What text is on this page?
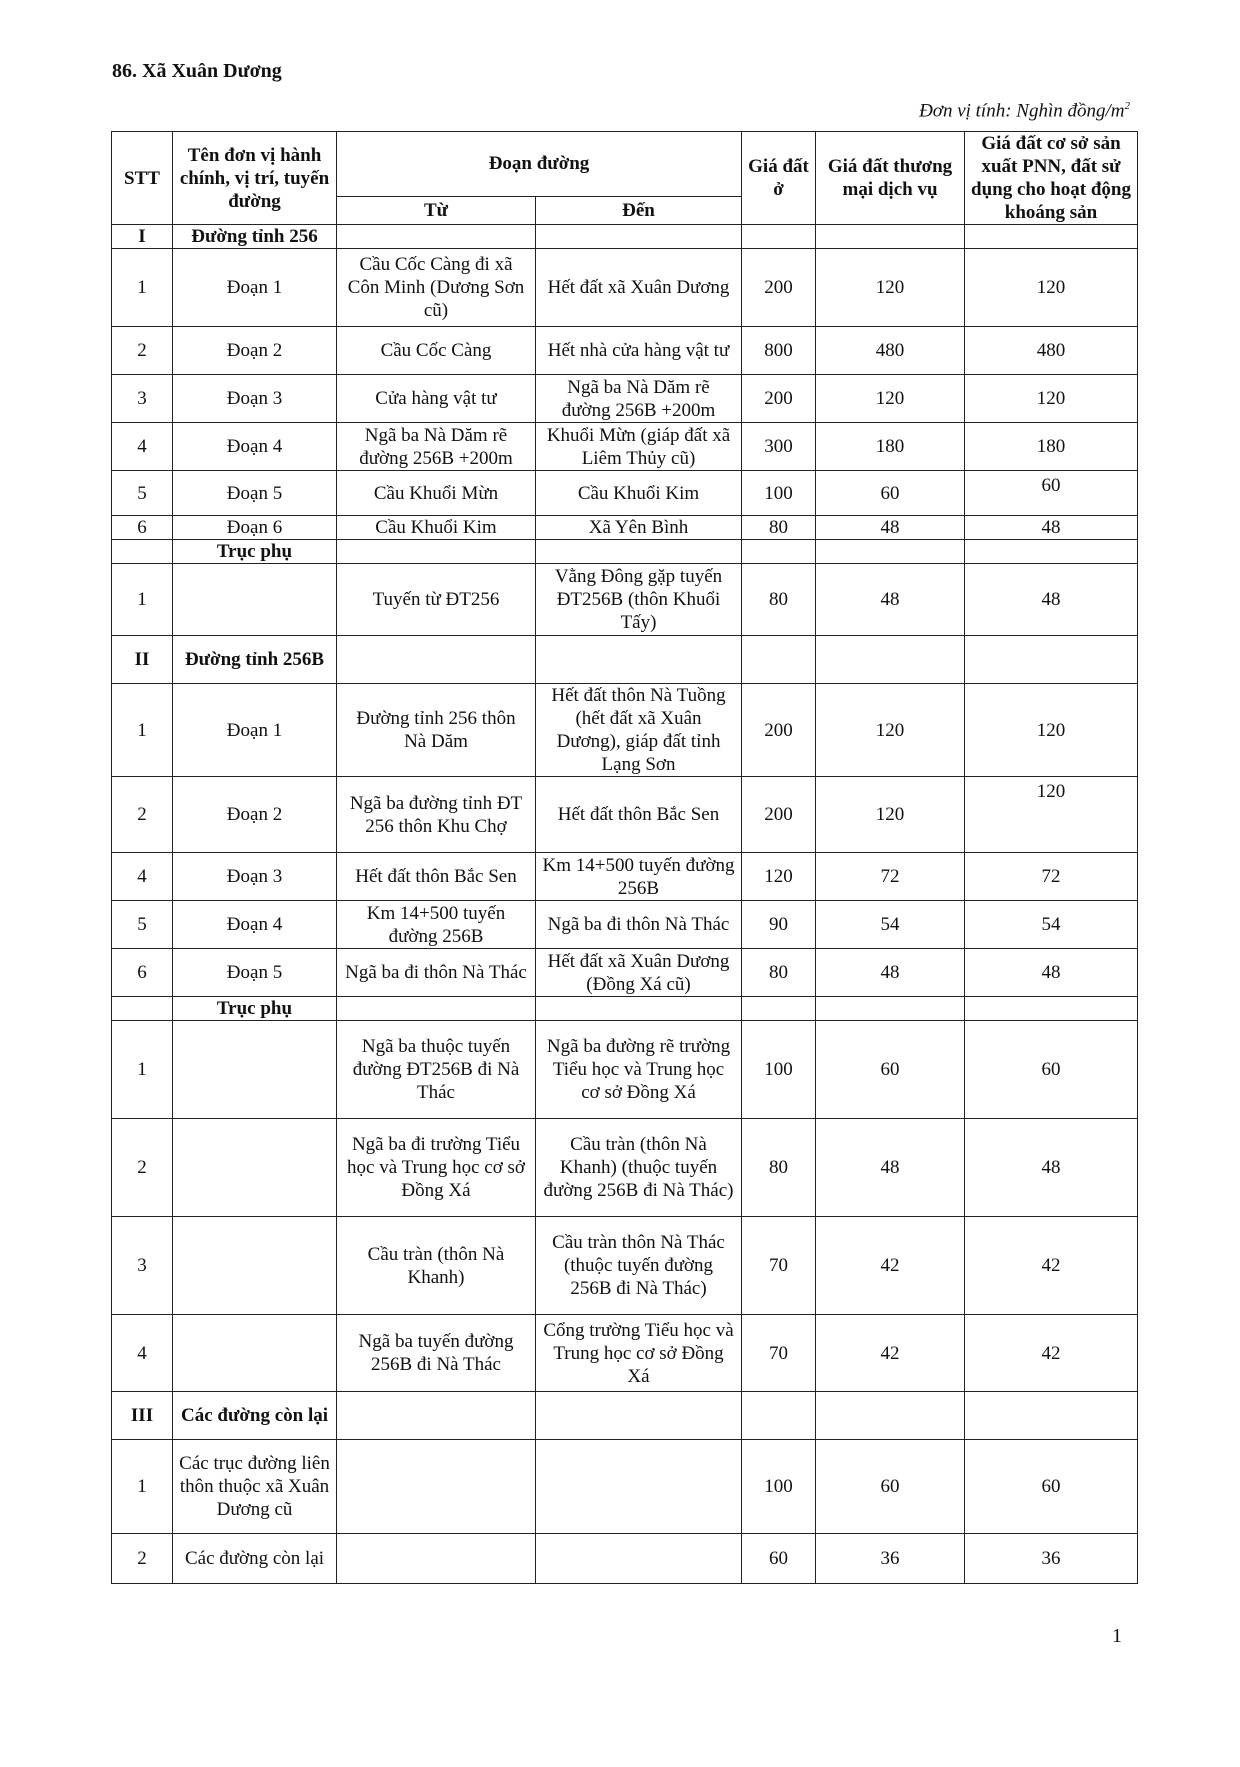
86. Xã Xuân Dương
Đơn vị tính: Nghìn đồng/$m^2$
STT	Tên đơn vị hành chính, vị trí, tuyến đường	Đoạn đường		Giá đất ở	Giá đất thương mại dịch vụ	Giá đất cơ sở sản xuất PNN, đất sử dụng cho hoạt động khoáng sản
		Từ	Đến			
I	Đường tỉnh 256					
1	Đoạn 1	Cầu Cốc Càng đi xã Côn Minh (Dương Sơn cũ)	Hết đất xã Xuân Dương	200	120	120
2	Đoạn 2	Cầu Cốc Càng	Hết nhà cửa hàng vật tư	800	480	480
3	Đoạn 3	Cửa hàng vật tư	Ngã ba Nà Dăm rẽ đường 256B +200m	200	120	120
4	Đoạn 4	Ngã ba Nà Dăm rẽ đường 256B +200m	Khuổi Mừn (giáp đất xã Liêm Thủy cũ)	300	180	180
5	Đoạn 5	Cầu Khuổi Mừn	Cầu Khuổi Kim	100	60	60
6	Đoạn 6	Cầu Khuổi Kim	Xã Yên Bình	80	48	48
	Trục phụ					
1		Tuyến từ ĐT256	Vằng Đông gặp tuyến ĐT256B (thôn Khuổi Tấy)	80	48	48
II	Đường tỉnh 256B					
1	Đoạn 1	Đường tỉnh 256 thôn Nà Dăm	Hết đất thôn Nà Tuồng (hết đất xã Xuân Dương), giáp đất tỉnh Lạng Sơn	200	120	120
2	Đoạn 2	Ngã ba đường tỉnh ĐT 256 thôn Khu Chợ	Hết đất thôn Bắc Sen	200	120	120
4	Đoạn 3	Hết đất thôn Bắc Sen	Km 14+500 tuyến đường 256B	120	72	72
5	Đoạn 4	Km 14+500 tuyến đường 256B	Ngã ba đi thôn Nà Thác	90	54	54
6	Đoạn 5	Ngã ba đi thôn Nà Thác	Hết đất xã Xuân Dương (Đồng Xá cũ)	80	48	48
	Trục phụ					
1		Ngã ba thuộc tuyến đường ĐT256B đi Nà Thác	Ngã ba đường rẽ trường Tiểu học và Trung học cơ sở Đồng Xá	100	60	60
2		Ngã ba đi trường Tiểu học và Trung học cơ sở Đồng Xá	Cầu tràn (thôn Nà Khanh) (thuộc tuyến đường 256B đi Nà Thác)	80	48	48
3		Cầu tràn (thôn Nà Khanh)	Cầu tràn thôn Nà Thác (thuộc tuyến đường 256B đi Nà Thác)	70	42	42
4		Ngã ba tuyến đường 256B đi Nà Thác	Cổng trường Tiểu học và Trung học cơ sở Đồng Xá	70	42	42
III	Các đường còn lại					
1	Các trục đường liên thôn thuộc xã Xuân Dương cũ			100	60	60
2	Các đường còn lại			60	36	36
1
